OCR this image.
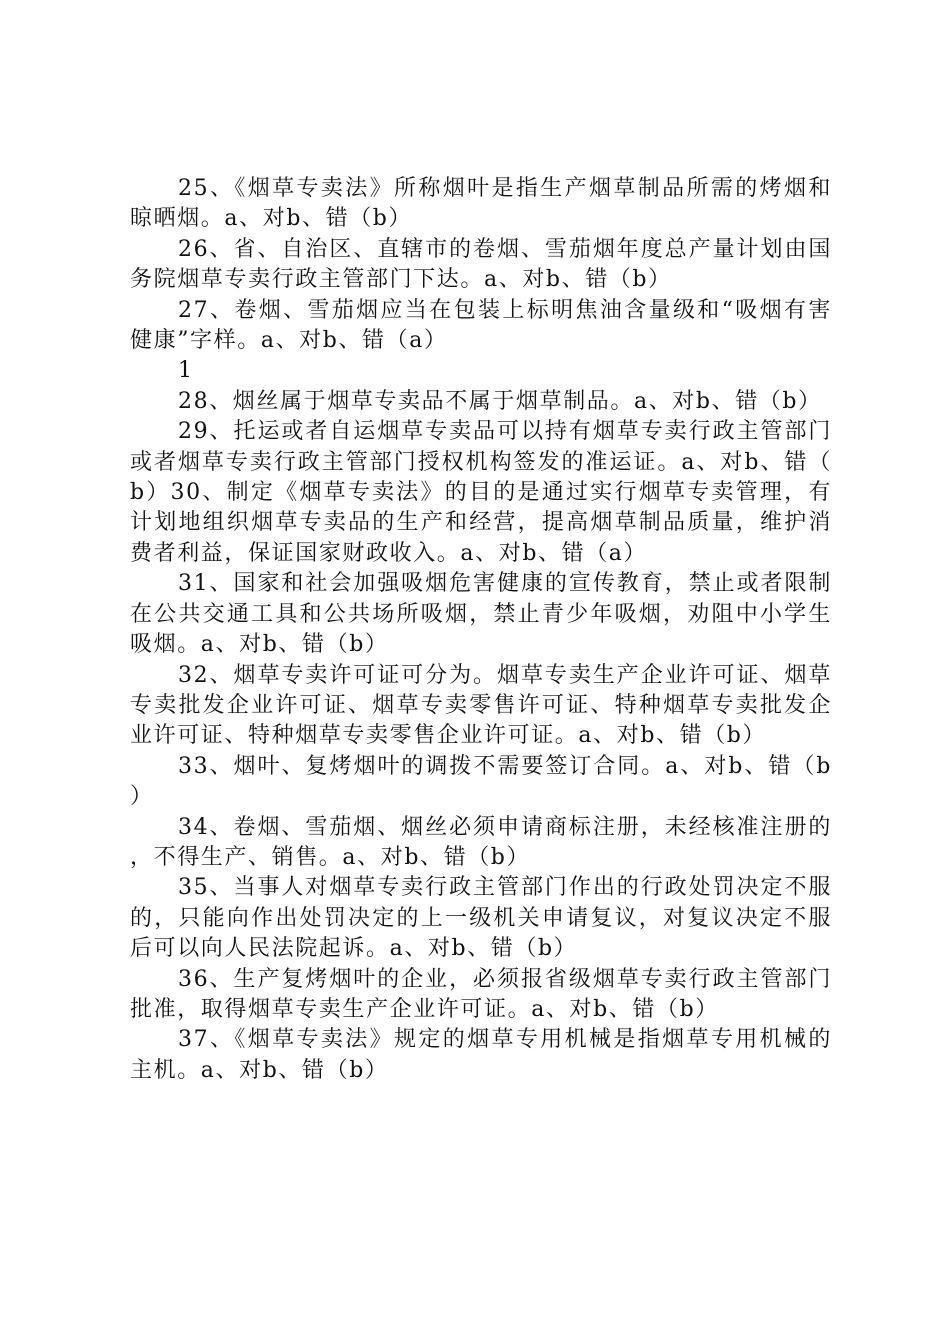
25、《烟草专卖法》所称烟叶是指生产烟草制品所需的烤烟和晾晒烟。a、对b、错（b）

26、省、自治区、直辖市的卷烟、雪茄烟年度总产量计划由国务院烟草专卖行政主管部门下达。a、对b、错（b）

27、卷烟、雪茄烟应当在包装上标明焦油含量级和“吸烟有害健康”字样。a、对b、错（a）

1

28、烟丝属于烟草专卖品不属于烟草制品。a、对b、错（b）

29、托运或者自运烟草专卖品可以持有烟草专卖行政主管部门或者烟草专卖行政主管部门授权机构签发的准运证。a、对b、错（b）30、制定《烟草专卖法》的目的是通过实行烟草专卖管理，有计划地组织烟草专卖品的生产和经营，提高烟草制品质量，维护消费者利益，保证国家财政收入。a、对b、错（a）

31、国家和社会加强吸烟危害健康的宣传教育，禁止或者限制在公共交通工具和公共场所吸烟，禁止青少年吸烟，劝阻中小学生吸烟。a、对b、错（b）

32、烟草专卖许可证可分为。烟草专卖生产企业许可证、烟草专卖批发企业许可证、烟草专卖零售许可证、特种烟草专卖批发企业许可证、特种烟草专卖零售企业许可证。a、对b、错（b）

33、烟叶、复烤烟叶的调拨不需要签订合同。a、对b、错（b）

34、卷烟、雪茄烟、烟丝必须申请商标注册，未经核准注册的，不得生产、销售。a、对b、错（b）

35、当事人对烟草专卖行政主管部门作出的行政处罚决定不服的，只能向作出处罚决定的上一级机关申请复议，对复议决定不服后可以向人民法院起诉。a、对b、错（b）

36、生产复烤烟叶的企业，必须报省级烟草专卖行政主管部门批准，取得烟草专卖生产企业许可证。a、对b、错（b）

37、《烟草专卖法》规定的烟草专用机械是指烟草专用机械的主机。a、对b、错（b）
